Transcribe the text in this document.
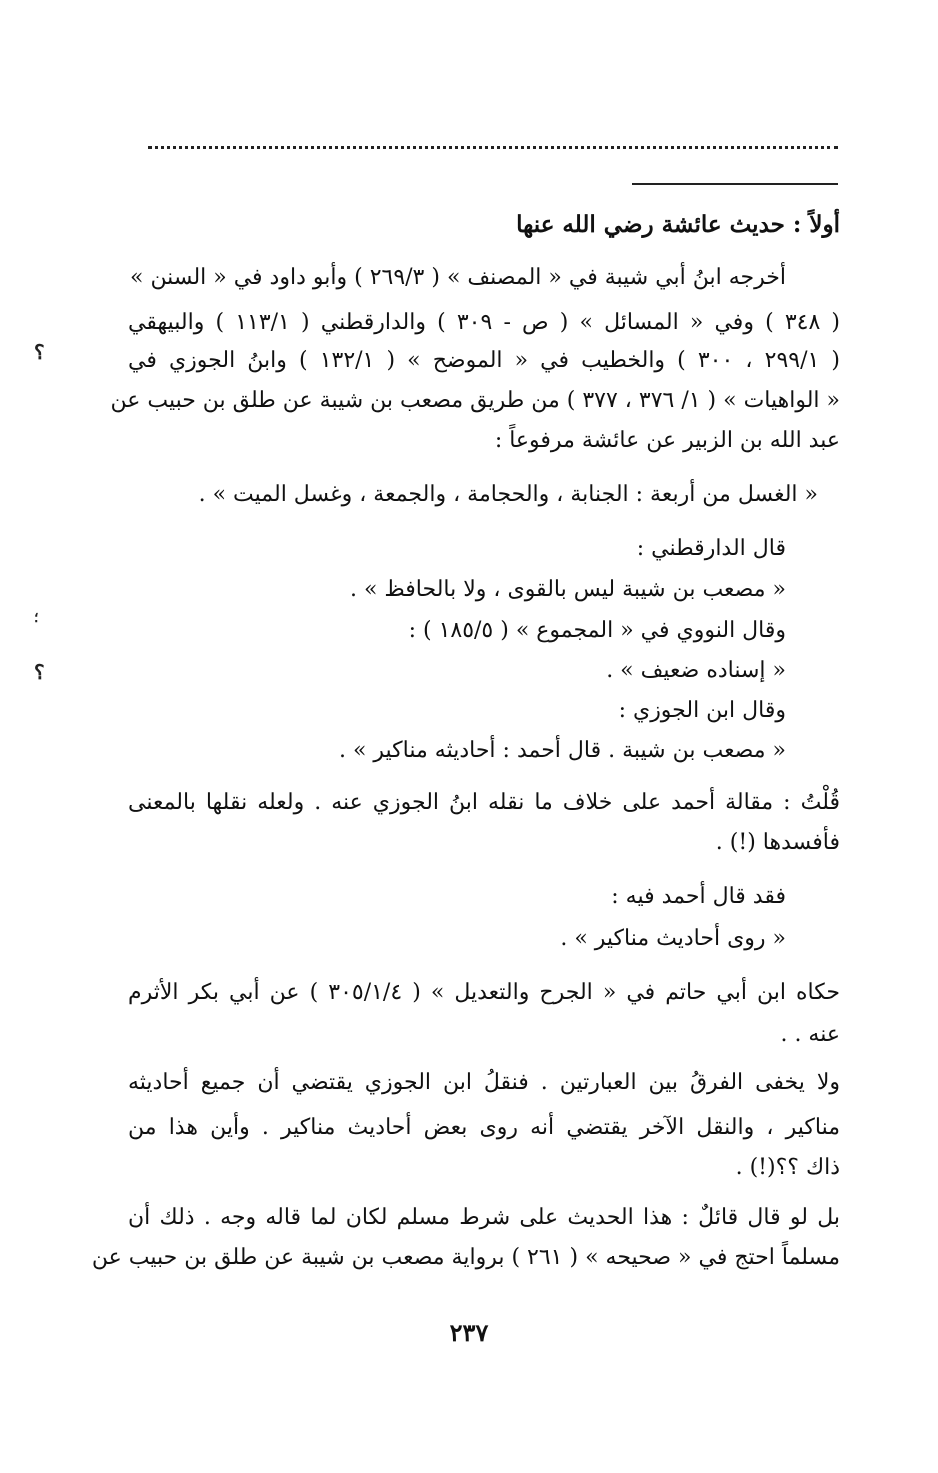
أولاً : حديث عائشة رضي الله عنها
أخرجه ابنُ أبي شيبة في « المصنف » ( ٢٦٩/٣ ) وأبو داود في « السنن »
( ٣٤٨ ) وفي « المسائل » ( ص - ٣٠٩ ) والدارقطني ( ١١٣/١ ) والبيهقي
( ٢٩٩/١ ، ٣٠٠ ) والخطيب في « الموضح » ( ١٣٢/١ ) وابنُ الجوزي في
« الواهيات » ( ١/ ٣٧٦ ، ٣٧٧ ) من طريق مصعب بن شيبة عن طلق بن حبيب عن
عبد الله بن الزبير عن عائشة مرفوعاً :
« الغسل من أربعة : الجنابة ، والحجامة ، والجمعة ، وغسل الميت » .
قال الدارقطني :
« مصعب بن شيبة ليس بالقوى ، ولا بالحافظ » .
وقال النووي في « المجموع » ( ١٨٥/٥ ) :
« إسناده ضعيف » .
وقال ابن الجوزي :
« مصعب بن شيبة . قال أحمد : أحاديثه مناكير » .
قُلْتُ : مقالة أحمد على خلاف ما نقله ابنُ الجوزي عنه . ولعله نقلها بالمعنى
فأفسدها (!) .
فقد قال أحمد فيه :
« روى أحاديث مناكير » .
حكاه ابن أبي حاتم في « الجرح والتعديل » ( ٣٠٥/١/٤ ) عن أبي بكر الأثرم
عنه . .
ولا يخفى الفرقُ بين العبارتين . فنقلُ ابن الجوزي يقتضي أن جميع أحاديثه
مناكير ، والنقل الآخر يقتضي أنه روى بعض أحاديث مناكير . وأين هذا من
ذاك ؟؟(!) .
بل لو قال قائلٌ : هذا الحديث على شرط مسلم لكان لما قاله وجه . ذلك أن
مسلماً احتج في « صحيحه » ( ٢٦١ ) برواية مصعب بن شيبة عن طلق بن حبيب عن
؟
؛
؟
٢٣٧
